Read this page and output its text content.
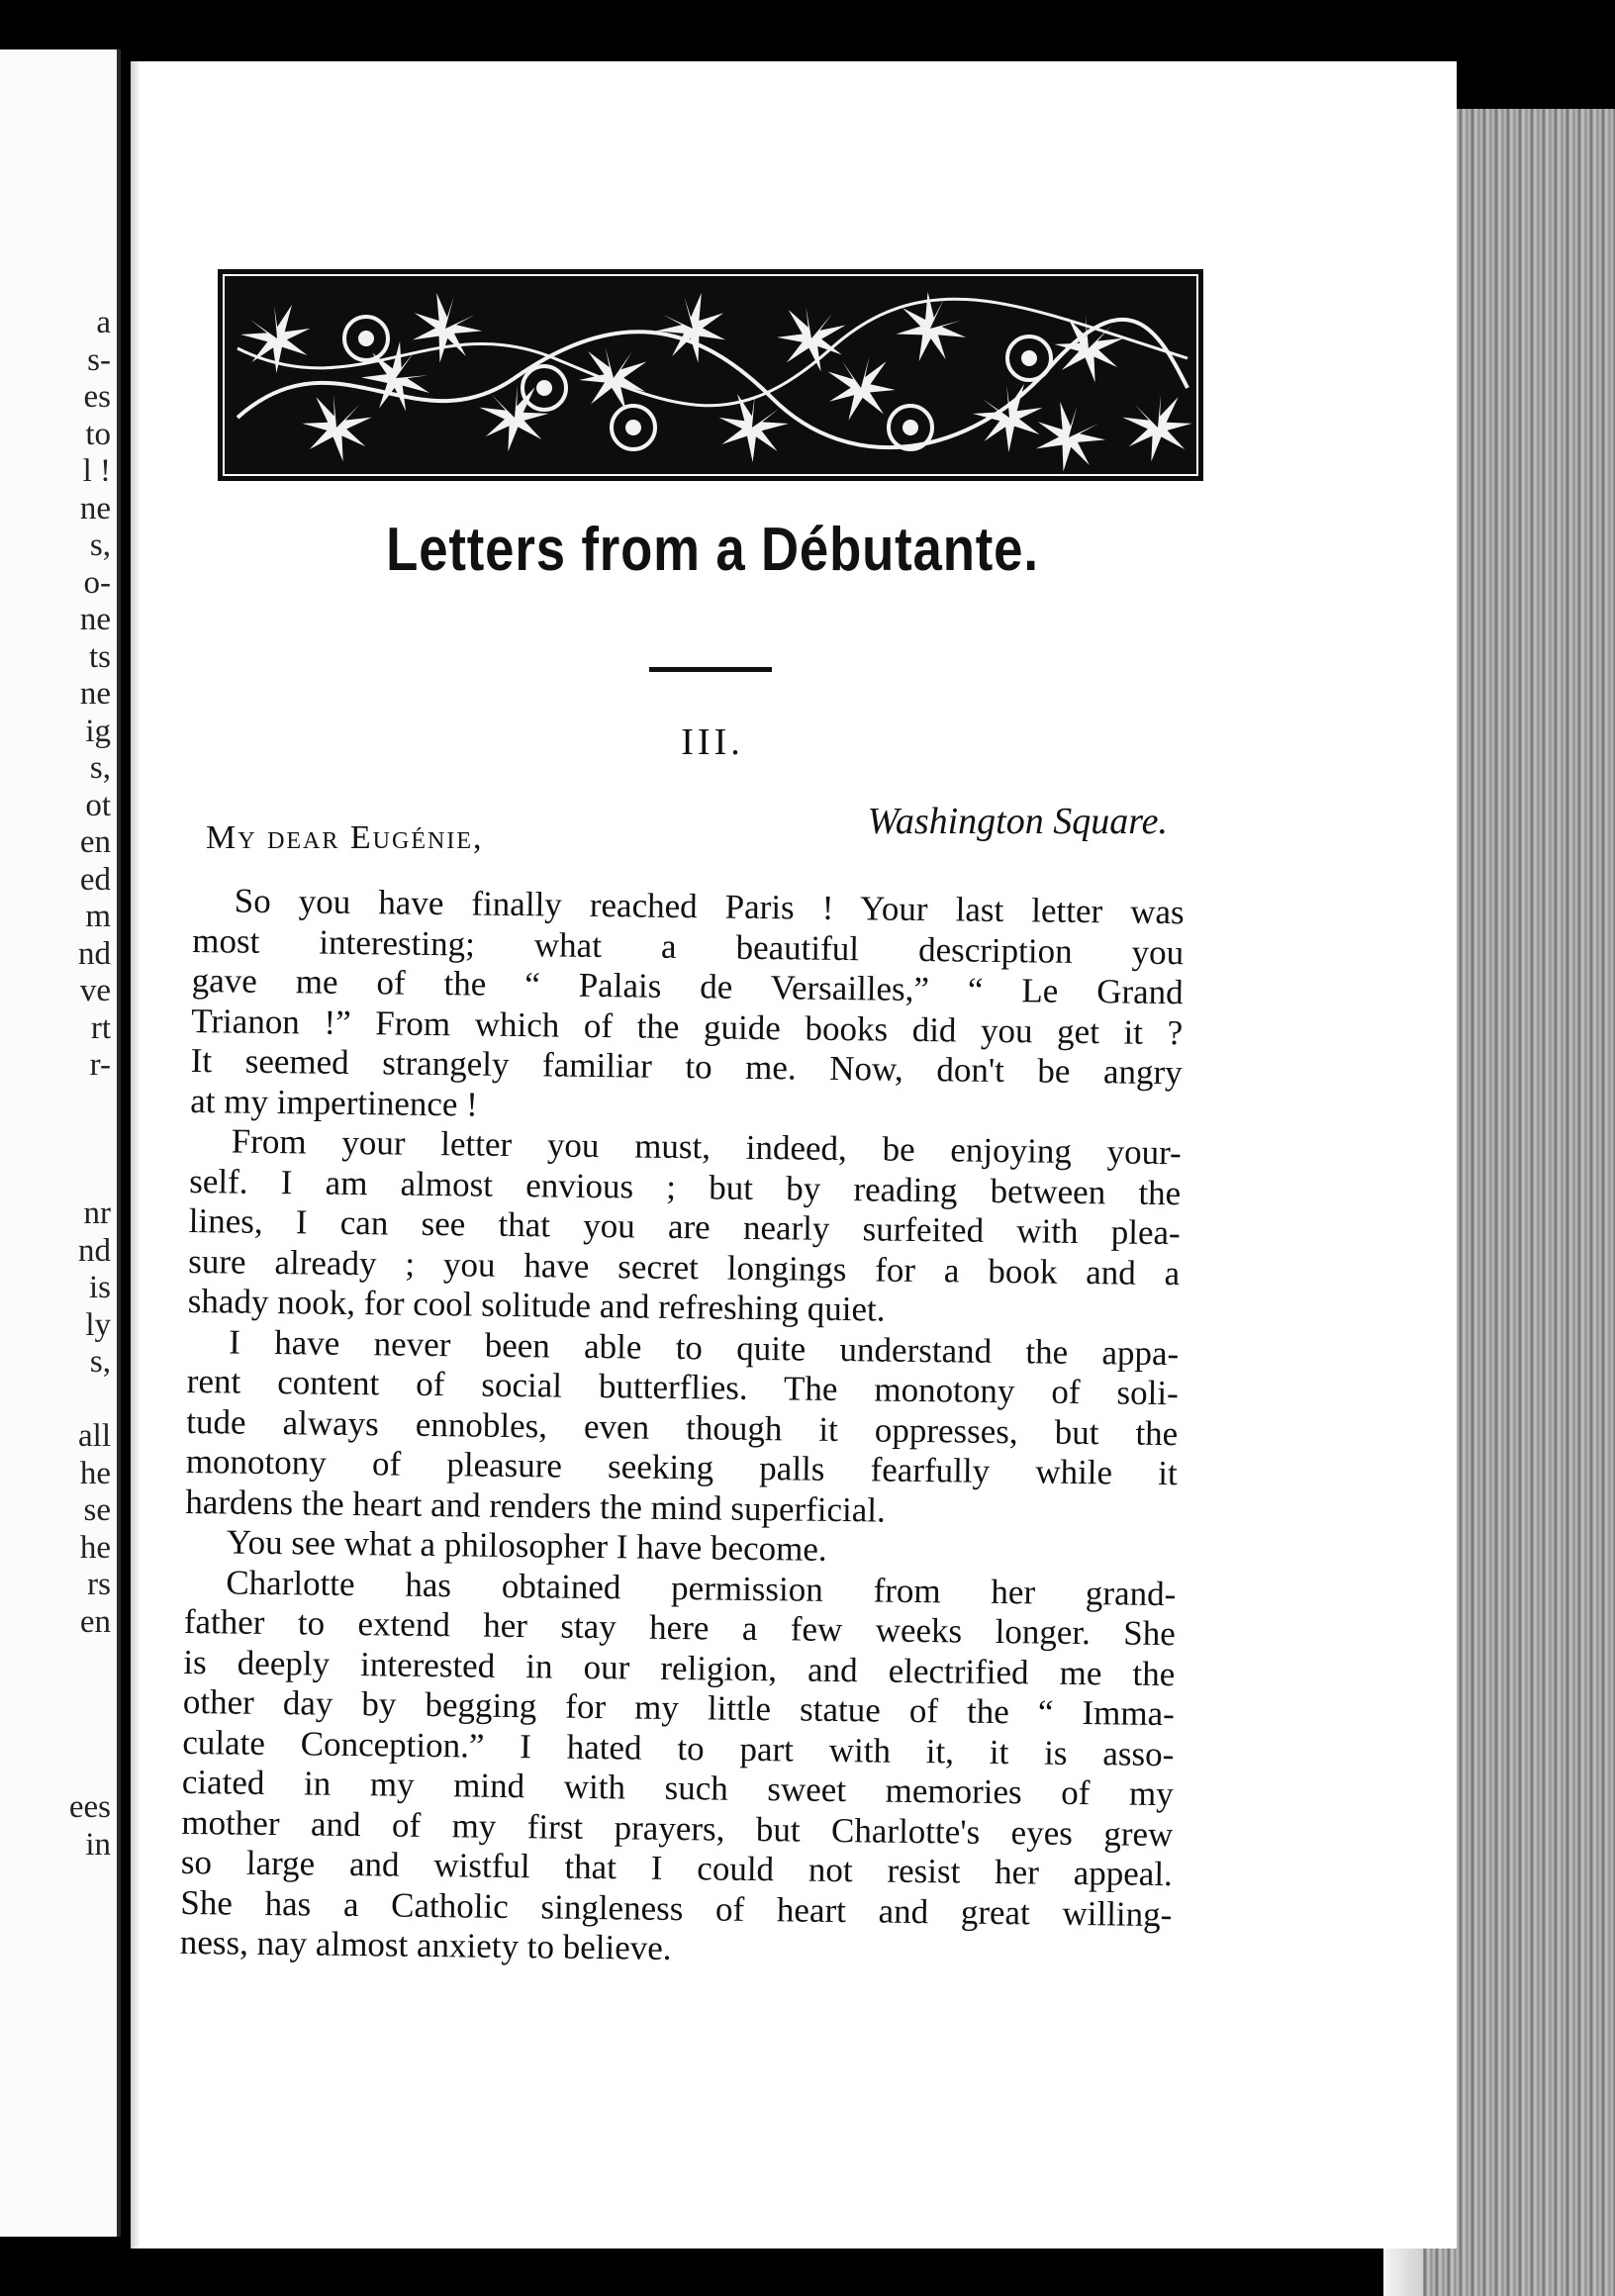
a
s-
es
to
l !
ne
s,
o-
ne
ts
ne
ig
s,
ot
en
ed
m
nd
ve
rt
r-
nr
nd
is
ly
s,
all
he
se
he
rs
en
ees
in
Letters from a Débutante.
III.
Washington Square.
My dear Eugénie,
So you have finally reached Paris ! Your last letter was
most interesting; what a beautiful description you
gave me of the “ Palais de Versailles,” “ Le Grand
Trianon !” From which of the guide books did you get it ?
It seemed strangely familiar to me. Now, don't be angry
at my impertinence !
From your letter you must, indeed, be enjoying your-
self. I am almost envious ; but by reading between the
lines, I can see that you are nearly surfeited with plea-
sure already ; you have secret longings for a book and a
shady nook, for cool solitude and refreshing quiet.
I have never been able to quite understand the appa-
rent content of social butterflies. The monotony of soli-
tude always ennobles, even though it oppresses, but the
monotony of pleasure seeking palls fearfully while it
hardens the heart and renders the mind superficial.
You see what a philosopher I have become.
Charlotte has obtained permission from her grand-
father to extend her stay here a few weeks longer. She
is deeply interested in our religion, and electrified me the
other day by begging for my little statue of the “ Imma-
culate Conception.” I hated to part with it, it is asso-
ciated in my mind with such sweet memories of my
mother and of my first prayers, but Charlotte's eyes grew
so large and wistful that I could not resist her appeal.
She has a Catholic singleness of heart and great willing-
ness, nay almost anxiety to believe.
